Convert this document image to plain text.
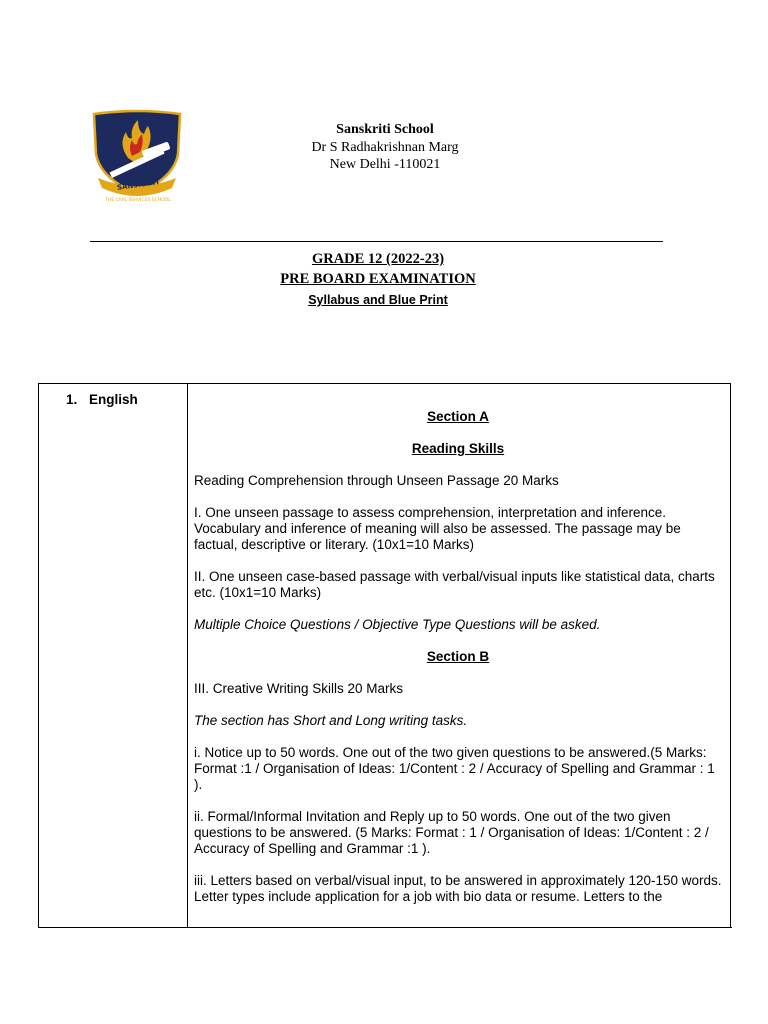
SANSKRITI
THE CIVIL SERVICES SCHOOL
Sanskriti School
Dr S Radhakrishnan Marg
New Delhi -110021
GRADE 12 (2022-23)
PRE BOARD EXAMINATION
Syllabus and Blue Print
1. English

Section A

Reading Skills

Reading Comprehension through Unseen Passage 20 Marks

I. One unseen passage to assess comprehension, interpretation and inference. Vocabulary and inference of meaning will also be assessed. The passage may be factual, descriptive or literary. (10x1=10 Marks)

II. One unseen case-based passage with verbal/visual inputs like statistical data, charts etc. (10x1=10 Marks)

Multiple Choice Questions / Objective Type Questions will be asked.

Section B

III. Creative Writing Skills 20 Marks

The section has Short and Long writing tasks.

i. Notice up to 50 words. One out of the two given questions to be answered.(5 Marks: Format :1 / Organisation of Ideas: 1/Content : 2 / Accuracy of Spelling and Grammar : 1 ).

ii. Formal/Informal Invitation and Reply up to 50 words. One out of the two given questions to be answered. (5 Marks: Format : 1 / Organisation of Ideas: 1/Content : 2 / Accuracy of Spelling and Grammar :1 ).

iii. Letters based on verbal/visual input, to be answered in approximately 120-150 words. Letter types include application for a job with bio data or resume. Letters to the
